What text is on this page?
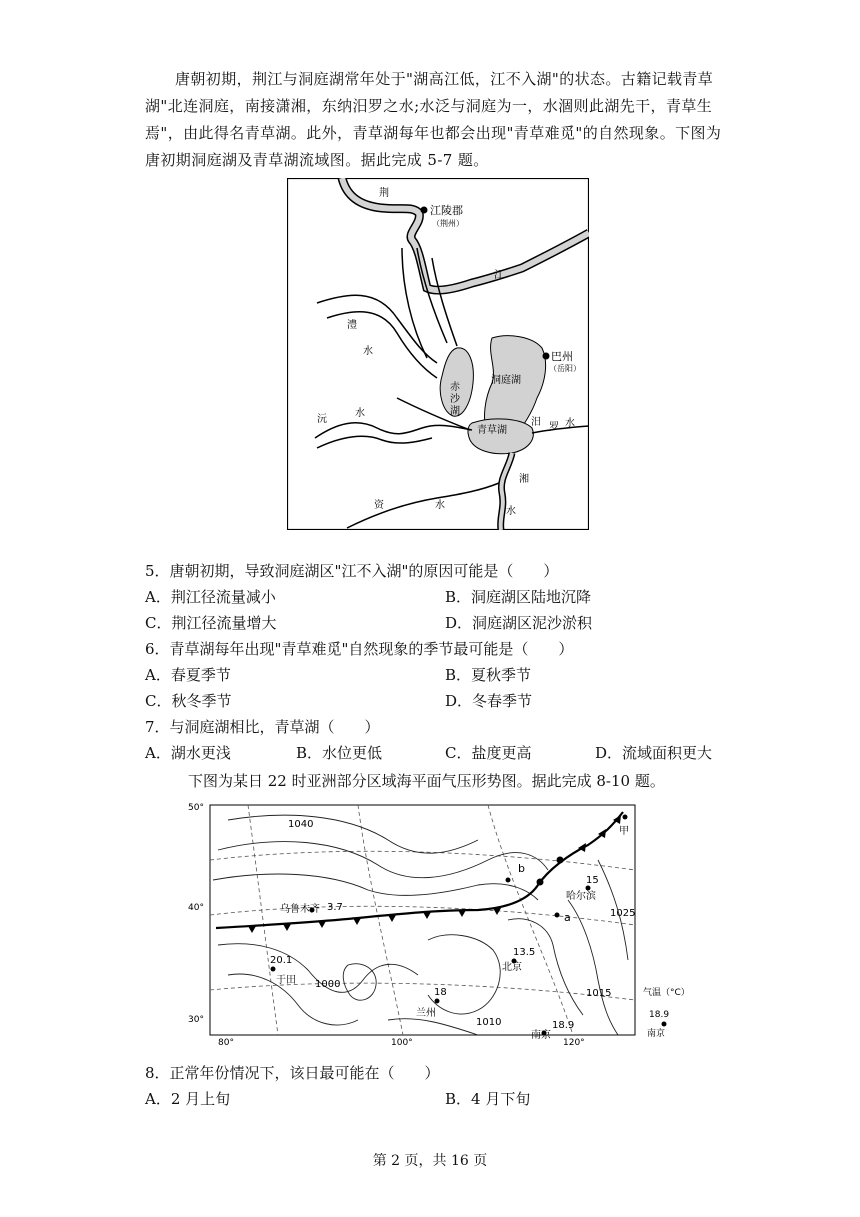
唐朝初期，荆江与洞庭湖常年处于"湖高江低，江不入湖"的状态。古籍记载青草湖"北连洞庭，南接潇湘，东纳汨罗之水;水泛与洞庭为一，水涸则此湖先干，青草生焉"，由此得名青草湖。此外，青草湖每年也都会出现"青草难觅"的自然现象。下图为唐初期洞庭湖及青草湖流域图。据此完成 5-7 题。
荆
江陵郡
（荆州）
江
澧
水	巴州
（岳阳）
洞庭湖
赤
沙
湖
沅
水
青草湖
汨 罗 水
湘
水
资	水
5．唐朝初期，导致洞庭湖区"江不入湖"的原因可能是（　　）
A．荆江径流量减小	B．洞庭湖区陆地沉降
C．荆江径流量增大	D．洞庭湖区泥沙淤积
6．青草湖每年出现"青草难觅"自然现象的季节最可能是（　　）
A．春夏季节	B．夏秋季节
C．秋冬季节	D．冬春季节
7．与洞庭湖相比，青草湖（　　）
A．湖水更浅	B．水位更低	C．盐度更高	D．流域面积更大
下图为某日 22 时亚洲部分区域海平面气压形势图。据此完成 8-10 题。
50°
40°
30°
80°	100°	120°
乌鲁木齐 3.7
20.1
于田
18
兰州
13.5
北京
18.9
南京
15
哈尔滨
a
b
甲
1040
1000
1010
1015
1025
气温（°C）
18.9
南京
8．正常年份情况下，该日最可能在（　　）
A．2 月上旬	B．4 月下旬
第 2 页，共 16 页
